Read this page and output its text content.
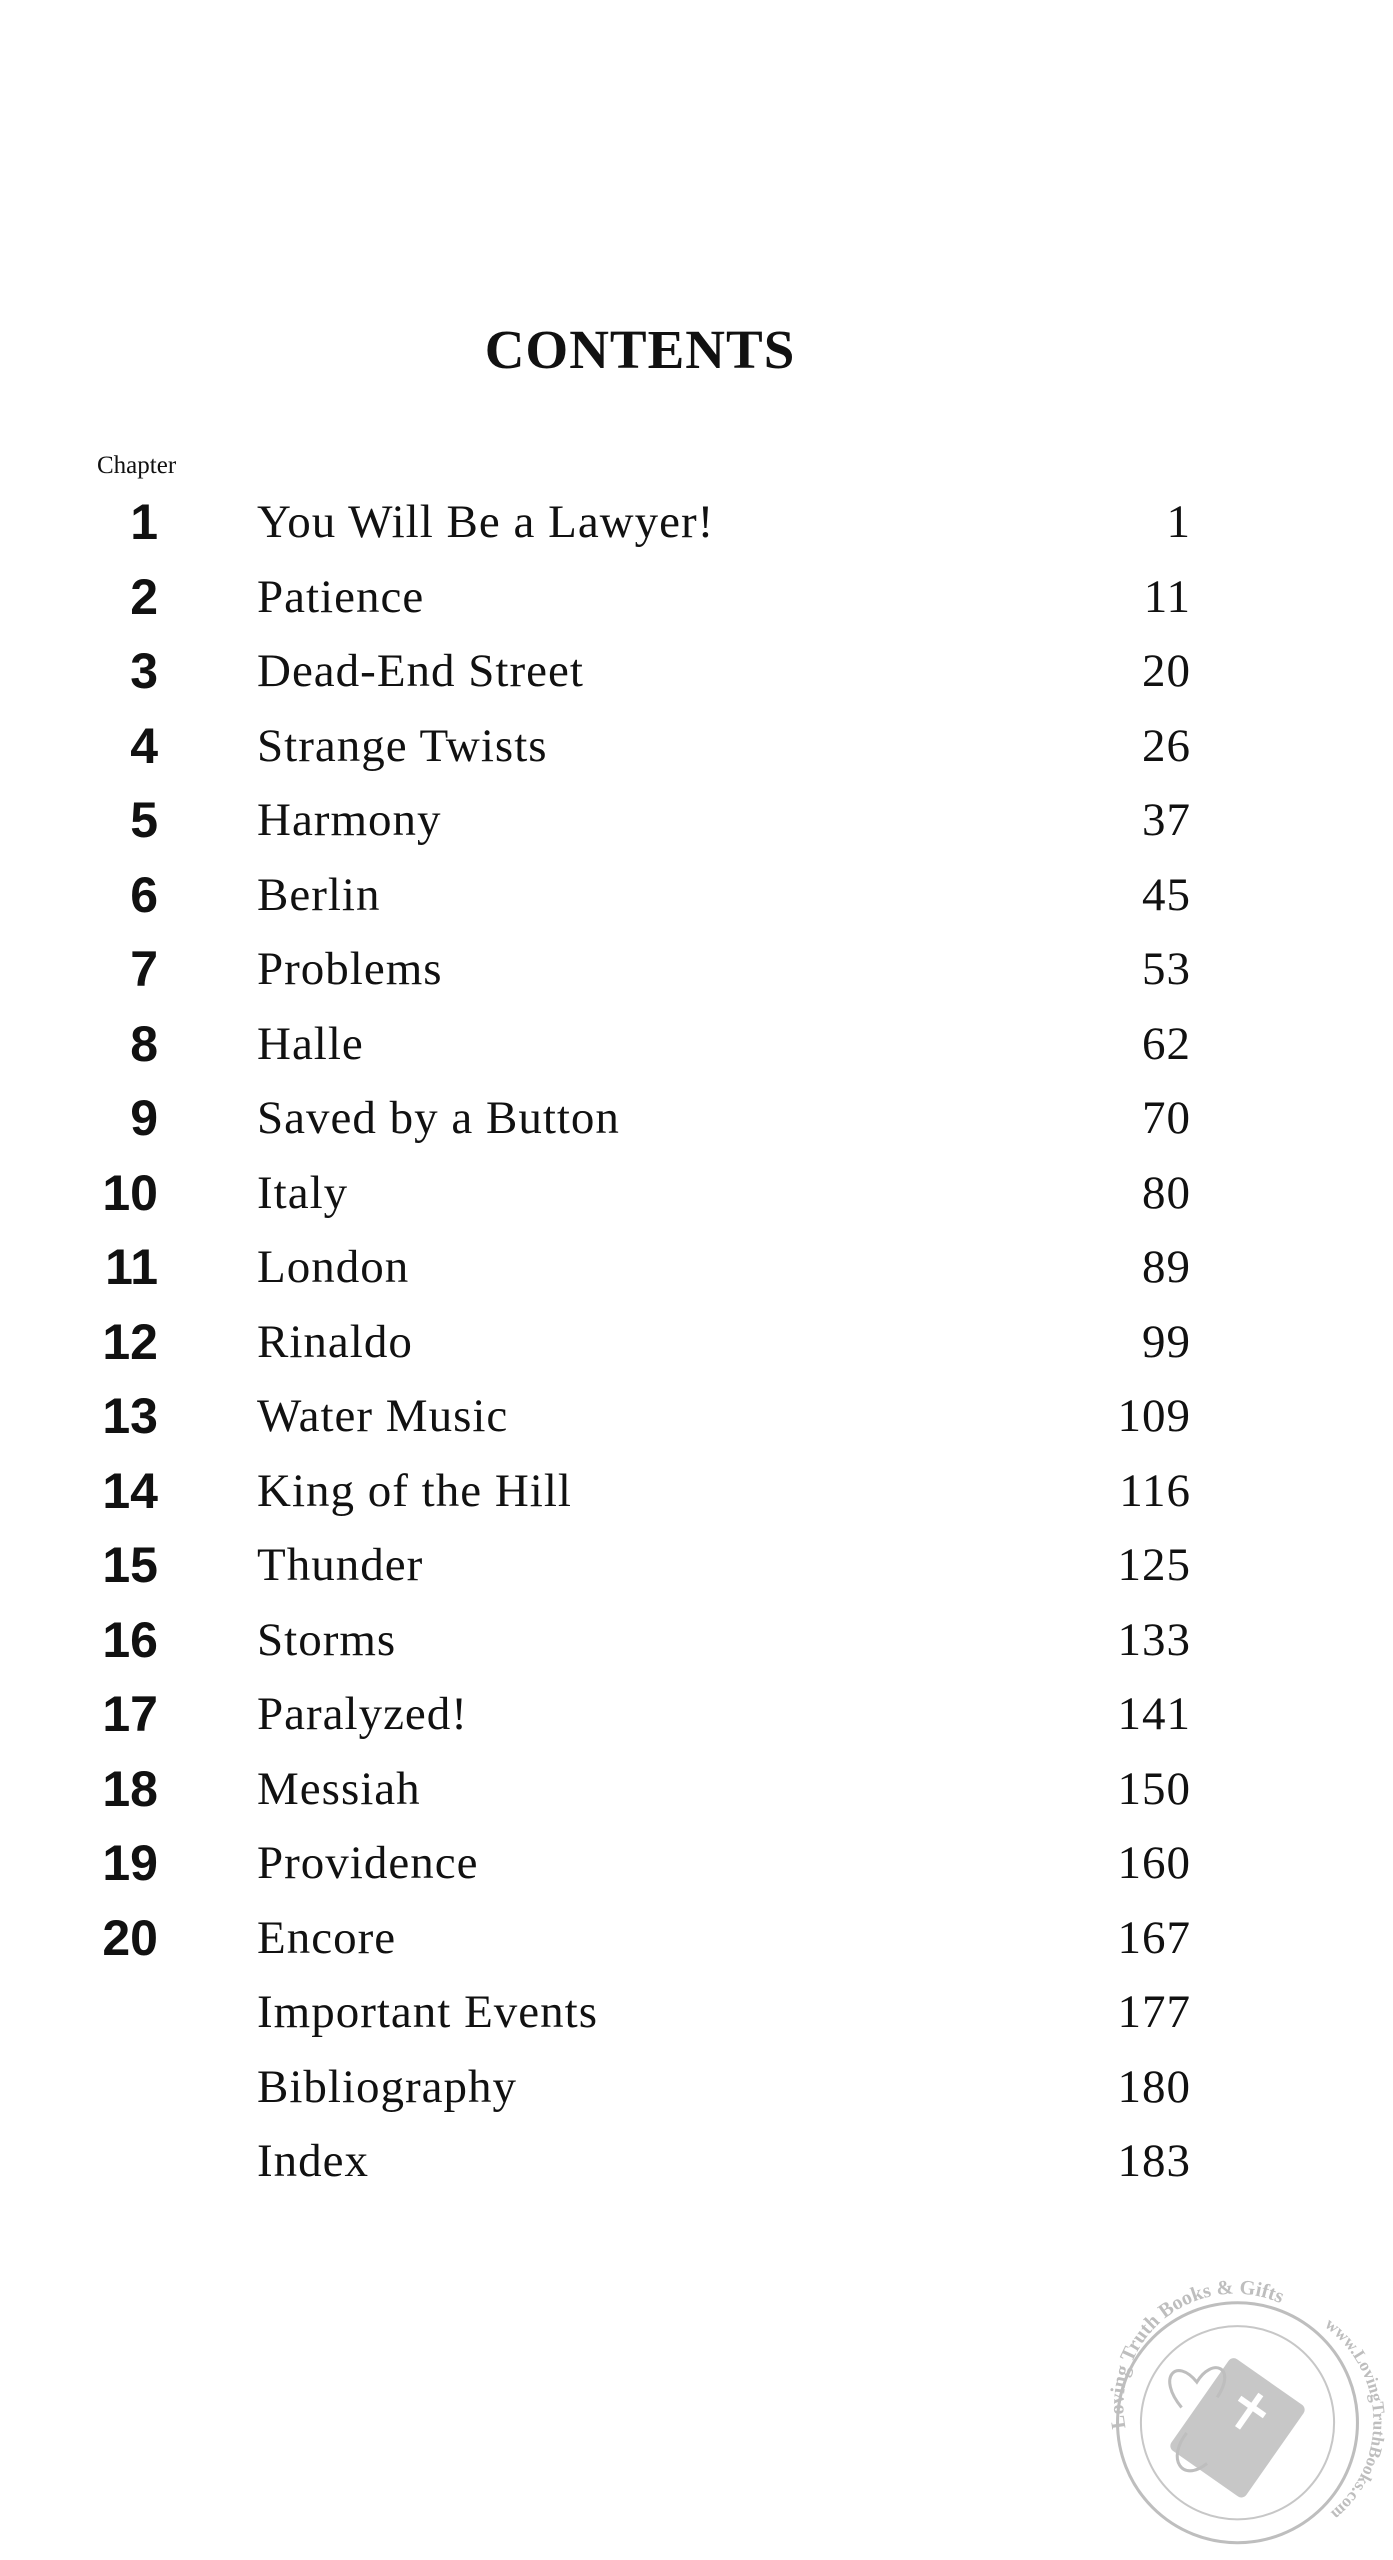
CONTENTS
Chapter
1 You Will Be a Lawyer!	1
2 Patience	11
3 Dead-End Street	20
4 Strange Twists	26
5 Harmony	37
6 Berlin	45
7 Problems	53
8 Halle	62
9 Saved by a Button	70
10 Italy	80
11 London	89
12 Rinaldo	99
13 Water Music	109
14 King of the Hill	116
15 Thunder	125
16 Storms	133
17 Paralyzed!	141
18 Messiah	150
19 Providence	160
20 Encore	167
Important Events	177
Bibliography	180
Index	183
Loving Truth Books & Gifts
www.LovingTruthBooks.com
